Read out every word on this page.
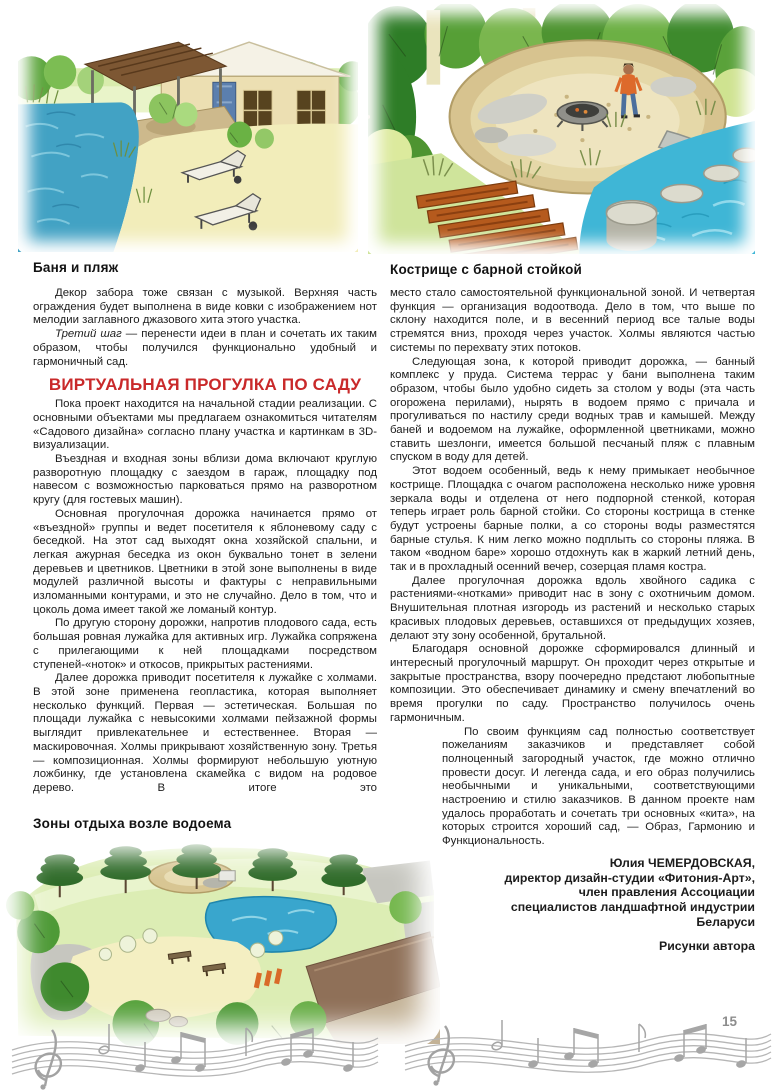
Баня и пляж	Кострище с барной стойкой

Декор забора тоже связан с музыкой. Верхняя часть ограждения будет выполнена в виде ковки с изображением нот мелодии заглавного джазового хита этого участка.

Третий шаг — перенести идеи в план и сочетать их таким образом, чтобы получился функционально удобный и гармоничный сад.

ВИРТУАЛЬНАЯ ПРОГУЛКА ПО САДУ

Пока проект находится на начальной стадии реализации. С основными объектами мы предлагаем ознакомиться читателям «Садового дизайна» согласно плану участка и картинкам в 3D-визуализации.

Въездная и входная зоны вблизи дома включают круглую разворотную площадку с заездом в гараж, площадку под навесом с возможностью парковаться прямо на разворотном кругу (для гостевых машин).

Основная прогулочная дорожка начинается прямо от «въездной» группы и ведет посетителя к яблоневому саду с беседкой. На этот сад выходят окна хозяйской спальни, и легкая ажурная беседка из окон буквально тонет в зелени деревьев и цветников. Цветники в этой зоне выполнены в виде модулей различной высоты и фактуры с неправильными изломанными контурами, и это не случайно. Дело в том, что и цоколь дома имеет такой же ломаный контур.

По другую сторону дорожки, напротив плодового сада, есть большая ровная лужайка для активных игр. Лужайка сопряжена с прилегающими к ней площадками посредством ступеней-«ноток» и откосов, прикрытых растениями.

Далее дорожка приводит посетителя к лужайке с холмами. В этой зоне применена геопластика, которая выполняет несколько функций. Первая — эстетическая. Большая по площади лужайка с невысокими холмами пейзажной формы выглядит привлекательнее и естественнее. Вторая — маскировочная. Холмы прикрывают хозяйственную зону. Третья — композиционная. Холмы формируют небольшую уютную ложбинку, где установлена скамейка с видом на родовое дерево. В итоге это

Зоны отдыха возле водоема

место стало самостоятельной функциональной зоной. И четвертая функция — организация водоотвода. Дело в том, что выше по склону находится поле, и в весенний период все талые воды стремятся вниз, проходя через участок. Холмы являются частью системы по перехвату этих потоков.

Следующая зона, к которой приводит дорожка, — банный комплекс у пруда. Система террас у бани выполнена таким образом, чтобы было удобно сидеть за столом у воды (эта часть огорожена перилами), нырять в водоем прямо с причала и прогуливаться по настилу среди водных трав и камышей. Между баней и водоемом на лужайке, оформленной цветниками, можно ставить шезлонги, имеется большой песчаный пляж с плавным спуском в воду для детей.

Этот водоем особенный, ведь к нему примыкает необычное кострище. Площадка с очагом расположена несколько ниже уровня зеркала воды и отделена от него подпорной стенкой, которая теперь играет роль барной стойки. Со стороны кострища в стенке будут устроены барные полки, а со стороны воды разместятся барные стулья. К ним легко можно подплыть со стороны пляжа. В таком «водном баре» хорошо отдохнуть как в жаркий летний день, так и в прохладный осенний вечер, созерцая пламя костра.

Далее прогулочная дорожка вдоль хвойного садика с растениями-«нотками» приводит нас в зону с охотничьим домом. Внушительная плотная изгородь из растений и несколько старых красивых плодовых деревьев, оставшихся от предыдущих хозяев, делают эту зону особенной, брутальной.

Благодаря основной дорожке сформировался длинный и интересный прогулочный маршрут. Он проходит через открытые и закрытые пространства, взору поочередно предстают любопытные композиции. Это обеспечивает динамику и смену впечатлений во время прогулки по саду. Пространство получилось очень гармоничным.

По своим функциям сад полностью соответствует пожеланиям заказчиков и представляет собой полноценный загородный участок, где можно отлично провести досуг. И легенда сада, и его образ получились необычными и уникальными, соответствующими настроению и стилю заказчиков. В данном проекте нам удалось проработать и сочетать три основных «кита», на которых строится хороший сад, — Образ, Гармонию и Функциональность.

Юлия ЧЕМЕРДОВСКАЯ,
директор дизайн-студии «Фитония-Арт»,
член правления Ассоциации
специалистов ландшафтной индустрии
Беларуси
Рисунки автора
15
